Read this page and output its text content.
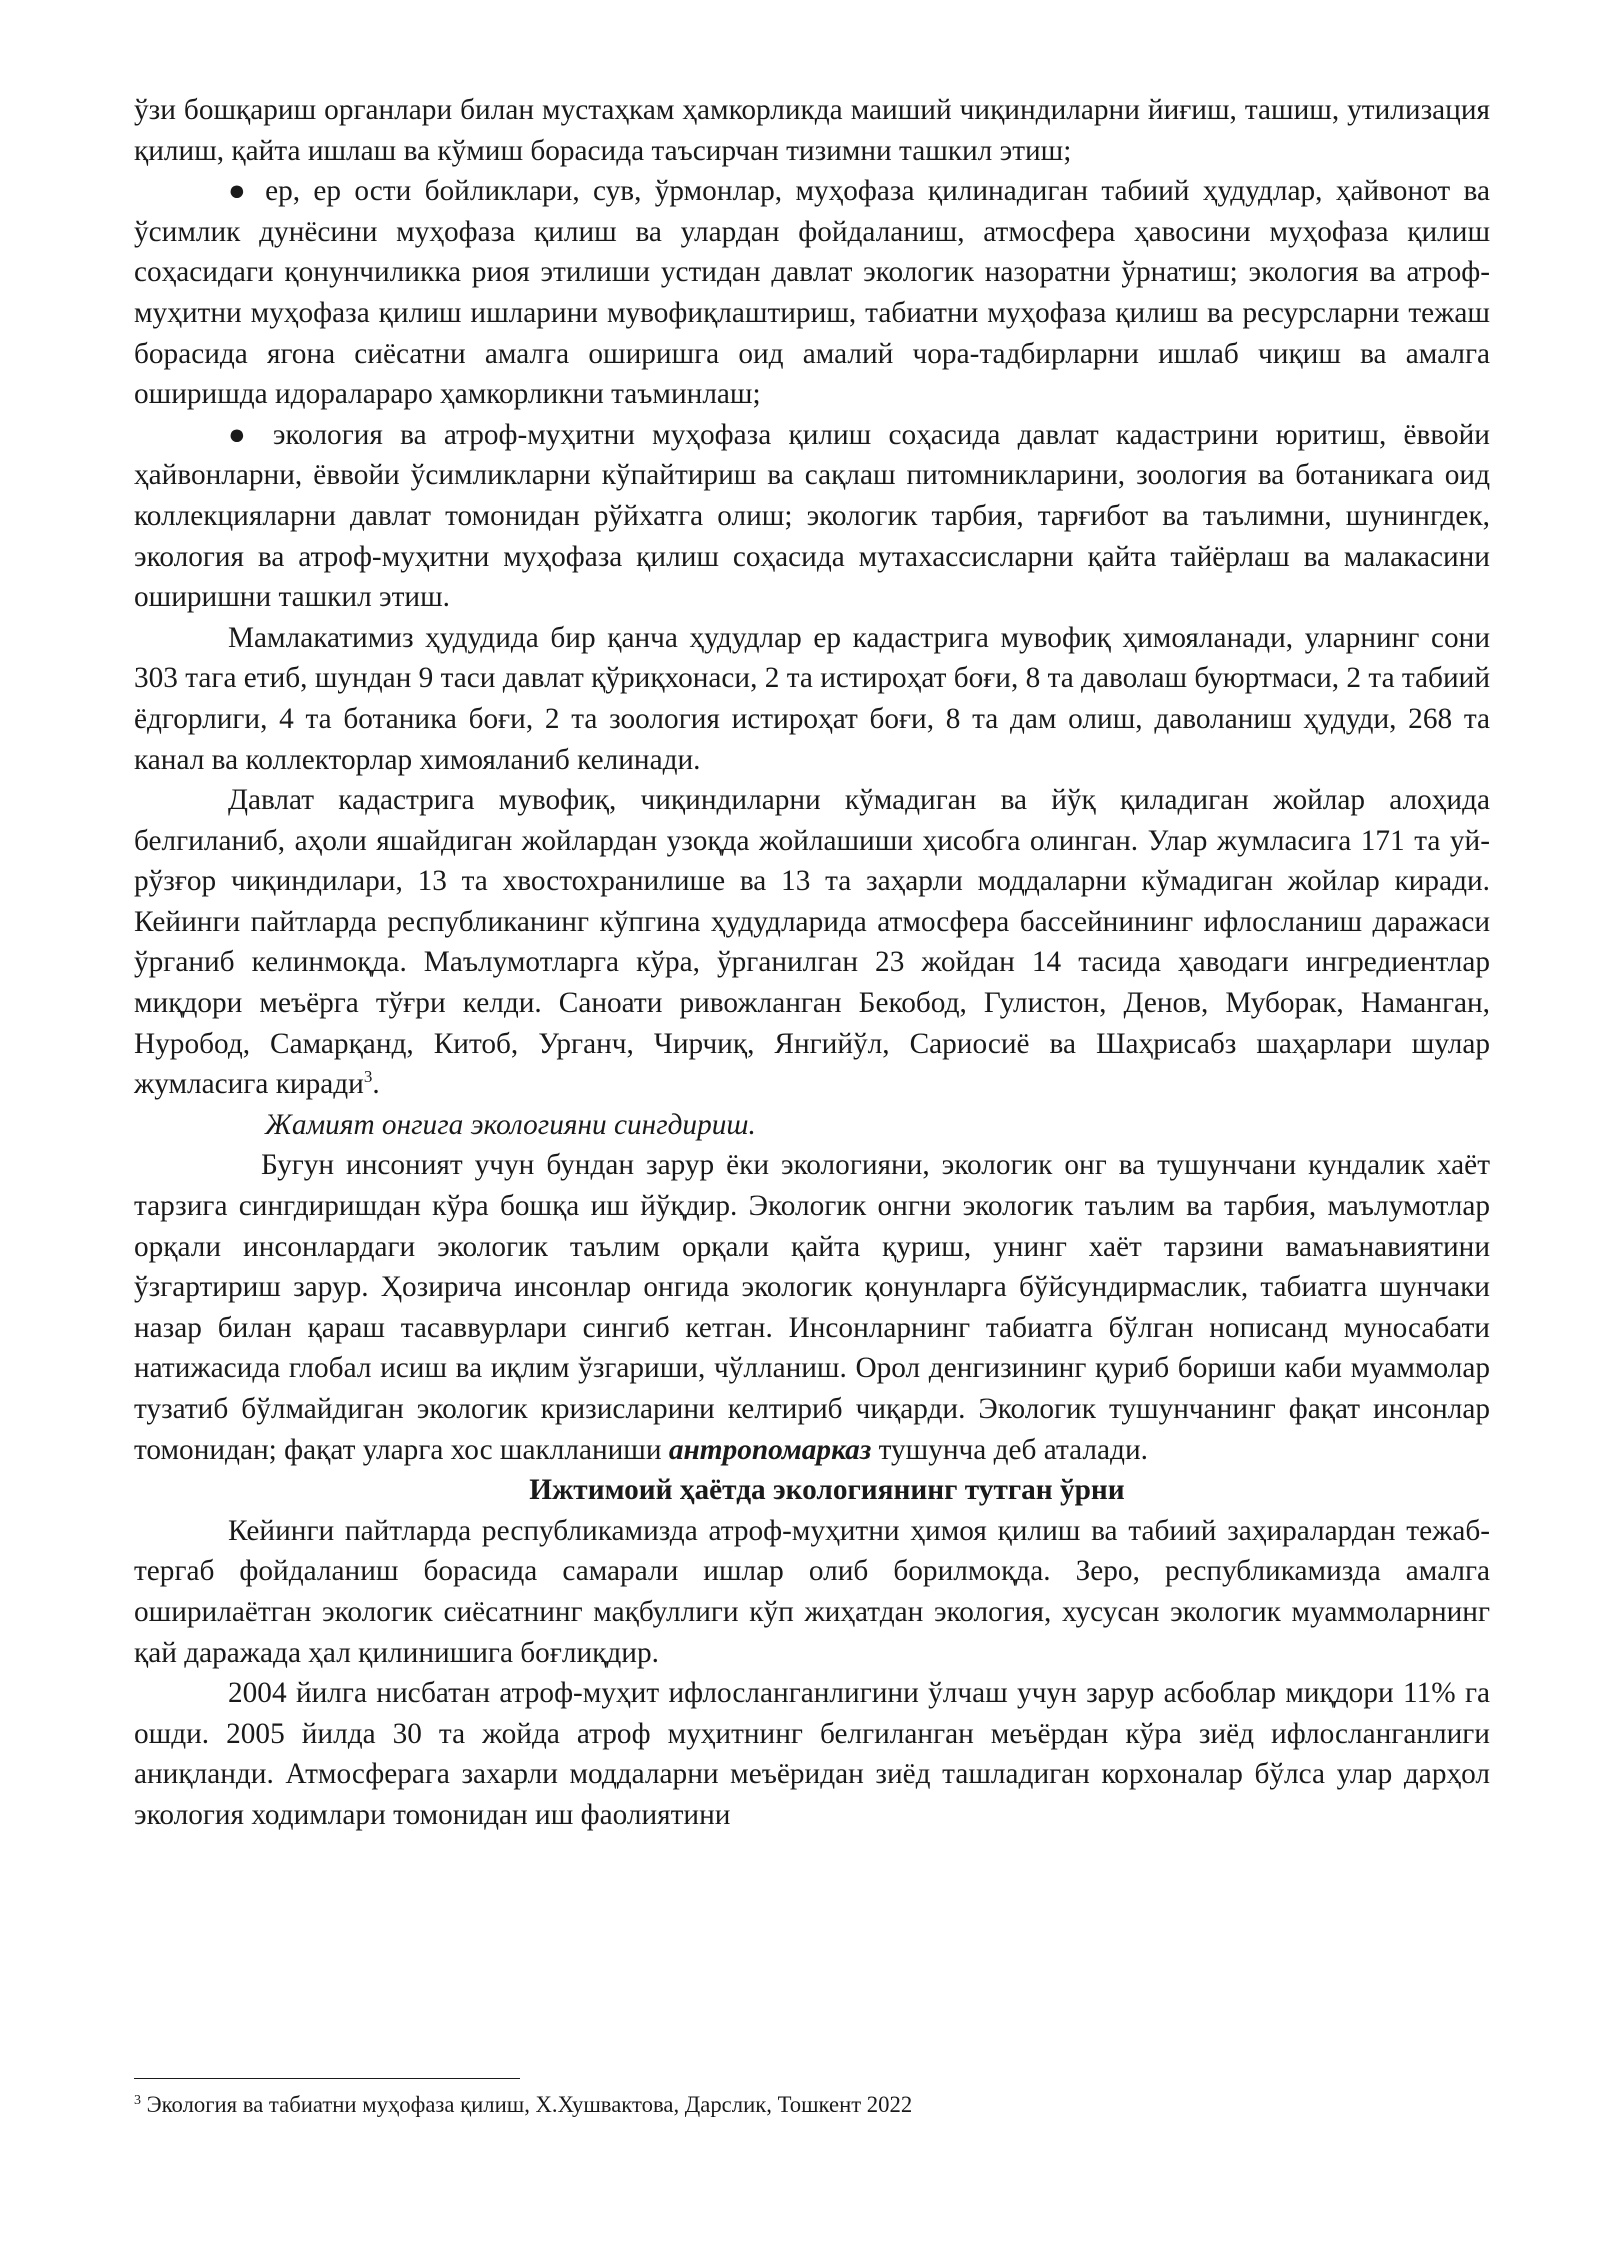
ўзи бошқариш органлари билан мустаҳкам ҳамкорликда маиший чиқиндиларни йиғиш, ташиш, утилизация қилиш, қайта ишлаш ва кўмиш борасида таъсирчан тизимни ташкил этиш;

● ер, ер ости бойликлари, сув, ўрмонлар, муҳофаза қилинадиган табиий ҳудудлар, ҳайвонот ва ўсимлик дунёсини муҳофаза қилиш ва улардан фойдаланиш, атмосфера ҳавосини муҳофаза қилиш соҳасидаги қонунчиликка риоя этилиши устидан давлат экологик назоратни ўрнатиш; экология ва атроф-муҳитни муҳофаза қилиш ишларини мувофиқлаштириш, табиатни муҳофаза қилиш ва ресурсларни тежаш борасида ягона сиёсатни амалга оширишга оид амалий чора-тадбирларни ишлаб чиқиш ва амалга оширишда идоралараро ҳамкорликни таъминлаш;

● экология ва атроф-муҳитни муҳофаза қилиш соҳасида давлат кадастрини юритиш, ёввойи ҳайвонларни, ёввойи ўсимликларни кўпайтириш ва сақлаш питомникларини, зоология ва ботаникага оид коллекцияларни давлат томонидан рўйхатга олиш; экологик тарбия, тарғибот ва таълимни, шунингдек, экология ва атроф-муҳитни муҳофаза қилиш соҳасида мутахассисларни қайта тайёрлаш ва малакасини оширишни ташкил этиш.

Мамлакатимиз ҳудудида бир қанча ҳудудлар ер кадастрига мувофиқ ҳимояланади, уларнинг сони 303 тага етиб, шундан 9 таси давлат қўриқхонаси, 2 та истироҳат боғи, 8 та даволаш буюртмаси, 2 та табиий ёдгорлиги, 4 та ботаника боғи, 2 та зоология истироҳат боғи, 8 та дам олиш, даволаниш ҳудуди, 268 та канал ва коллекторлар химояланиб келинади.

Давлат кадастрига мувофиқ, чиқиндиларни кўмадиган ва йўқ қиладиган жойлар алоҳида белгиланиб, аҳоли яшайдиган жойлардан узоқда жойлашиши ҳисобга олинган. Улар жумласига 171 та уй-рўзғор чиқиндилари, 13 та хвостохранилише ва 13 та заҳарли моддаларни кўмадиган жойлар киради. Кейинги пайтларда республиканинг кўпгина ҳудудларида атмосфера бассейнининг ифлосланиш даражаси ўрганиб келинмоқда. Маълумотларга кўра, ўрганилган 23 жойдан 14 тасида ҳаводаги ингредиентлар миқдори меъёрга тўғри келди. Саноати ривожланган Бекобод, Гулистон, Денов, Муборак, Наманган, Нуробод, Самарқанд, Китоб, Урганч, Чирчиқ, Янгийўл, Сариосиё ва Шаҳрисабз шаҳарлари шулар жумласига киради$^3$.

Жамият онгига экологияни сингдириш.

Бугун инсоният учун бундан зарур ёки экологияни, экологик онг ва тушунчани кундалик хаёт тарзига сингдиришдан кўра бошқа иш йўқдир. Экологик онгни экологик таълим ва тарбия, маълумотлар орқали инсонлардаги экологик таълим орқали қайта қуриш, унинг хаёт тарзини вамаънавиятини ўзгартириш зарур. Ҳозирича инсонлар онгида экологик қонунларга бўйсундирмаслик, табиатга шунчаки назар билан қараш тасаввурлари сингиб кетган. Инсонларнинг табиатга бўлган нописанд муносабати натижасида глобал исиш ва иқлим ўзгариши, чўлланиш. Орол денгизининг қуриб бориши каби муаммолар тузатиб бўлмайдиган экологик кризисларини келтириб чиқарди. Экологик тушунчанинг фақат инсонлар томонидан; фақат уларга хос шаклланиши антропомарказ тушунча деб аталади.

Ижтимоий ҳаётда экологиянинг тутган ўрни

Кейинги пайтларда республикамизда атроф-муҳитни ҳимоя қилиш ва табиий заҳиралардан тежаб-тергаб фойдаланиш борасида самарали ишлар олиб борилмоқда. Зеро, республикамизда амалга оширилаётган экологик сиёсатнинг мақбуллиги кўп жиҳатдан экология, хусусан экологик муаммоларнинг қай даражада ҳал қилинишига боғлиқдир.

2004 йилга нисбатан атроф-муҳит ифлосланганлигини ўлчаш учун зарур асбоблар миқдори 11% га ошди. 2005 йилда 30 та жойда атроф муҳитнинг белгиланган меъёрдан кўра зиёд ифлосланганлиги аниқланди. Атмосферага захарли моддаларни меъёридан зиёд ташладиган корхоналар бўлса улар дарҳол экология ходимлари томонидан иш фаолиятини

$^3$ Экология ва табиатни муҳофаза қилиш, Х.Хушвактова, Дарслик, Тошкент 2022
